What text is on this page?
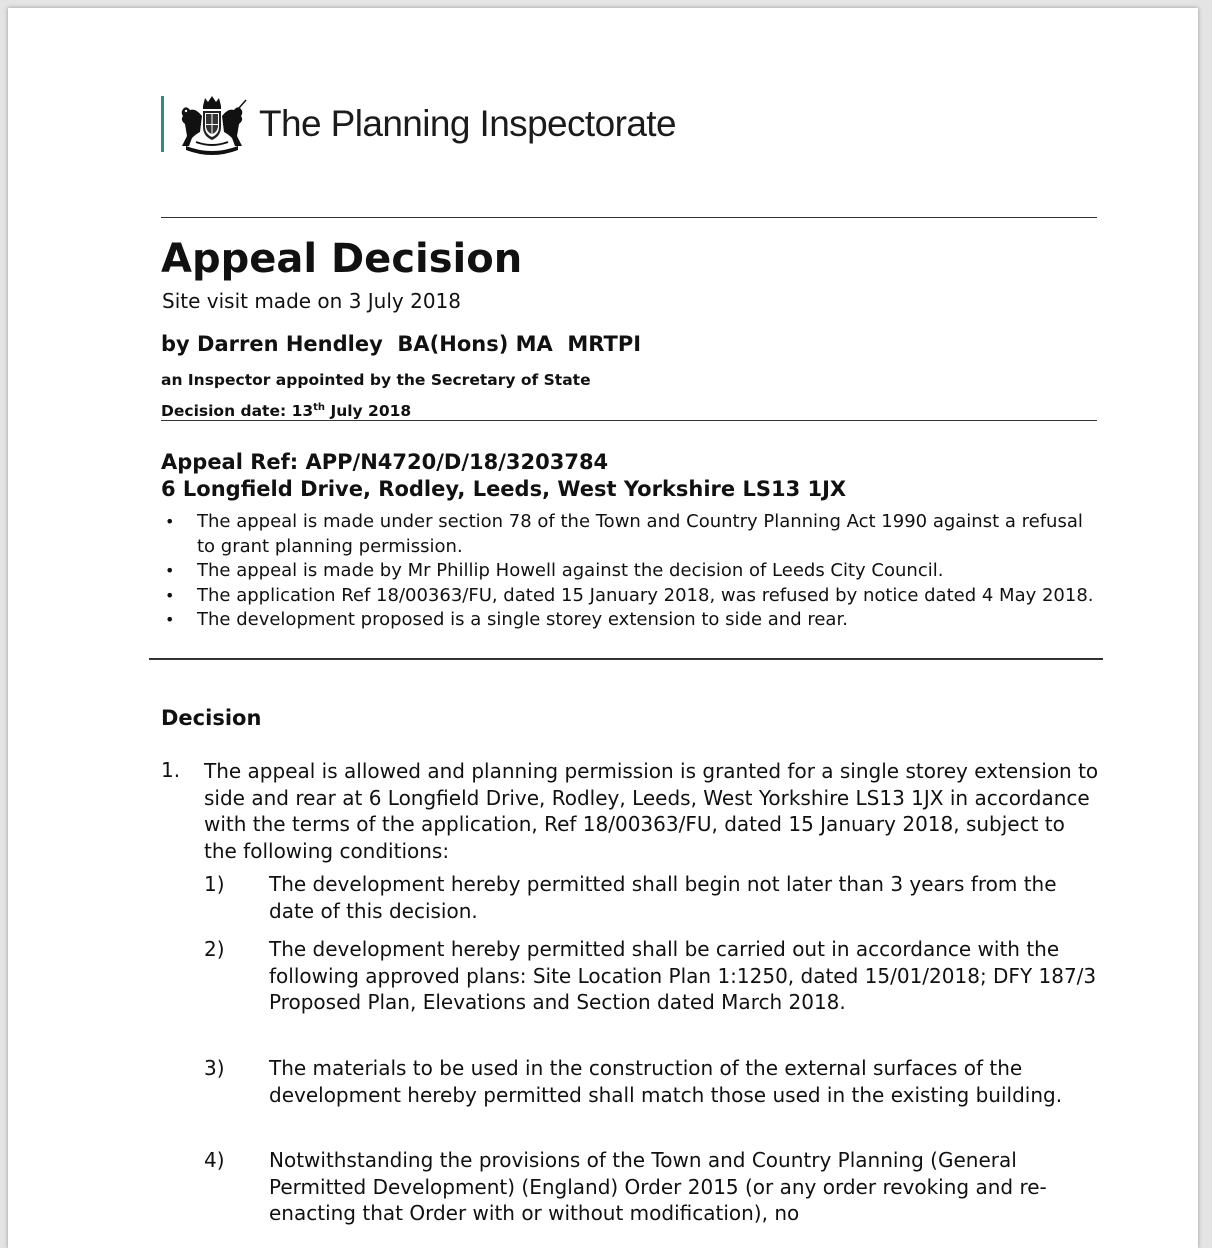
The Planning Inspectorate
Appeal Decision
Site visit made on 3 July 2018
by Darren Hendley  BA(Hons) MA  MRTPI
an Inspector appointed by the Secretary of State
Decision date: 13th July 2018
Appeal Ref: APP/N4720/D/18/3203784
6 Longfield Drive, Rodley, Leeds, West Yorkshire LS13 1JX
• The appeal is made under section 78 of the Town and Country Planning Act 1990 against a refusal to grant planning permission.
• The appeal is made by Mr Phillip Howell against the decision of Leeds City Council.
• The application Ref 18/00363/FU, dated 15 January 2018, was refused by notice dated 4 May 2018.
• The development proposed is a single storey extension to side and rear.
Decision
1. The appeal is allowed and planning permission is granted for a single storey extension to side and rear at 6 Longfield Drive, Rodley, Leeds, West Yorkshire LS13 1JX in accordance with the terms of the application, Ref 18/00363/FU, dated 15 January 2018, subject to the following conditions:
1) The development hereby permitted shall begin not later than 3 years from the date of this decision.
2) The development hereby permitted shall be carried out in accordance with the following approved plans: Site Location Plan 1:1250, dated 15/01/2018; DFY 187/3 Proposed Plan, Elevations and Section dated March 2018.
3) The materials to be used in the construction of the external surfaces of the development hereby permitted shall match those used in the existing building.
4) Notwithstanding the provisions of the Town and Country Planning (General Permitted Development) (England) Order 2015 (or any order revoking and re-enacting that Order with or without modification), no
